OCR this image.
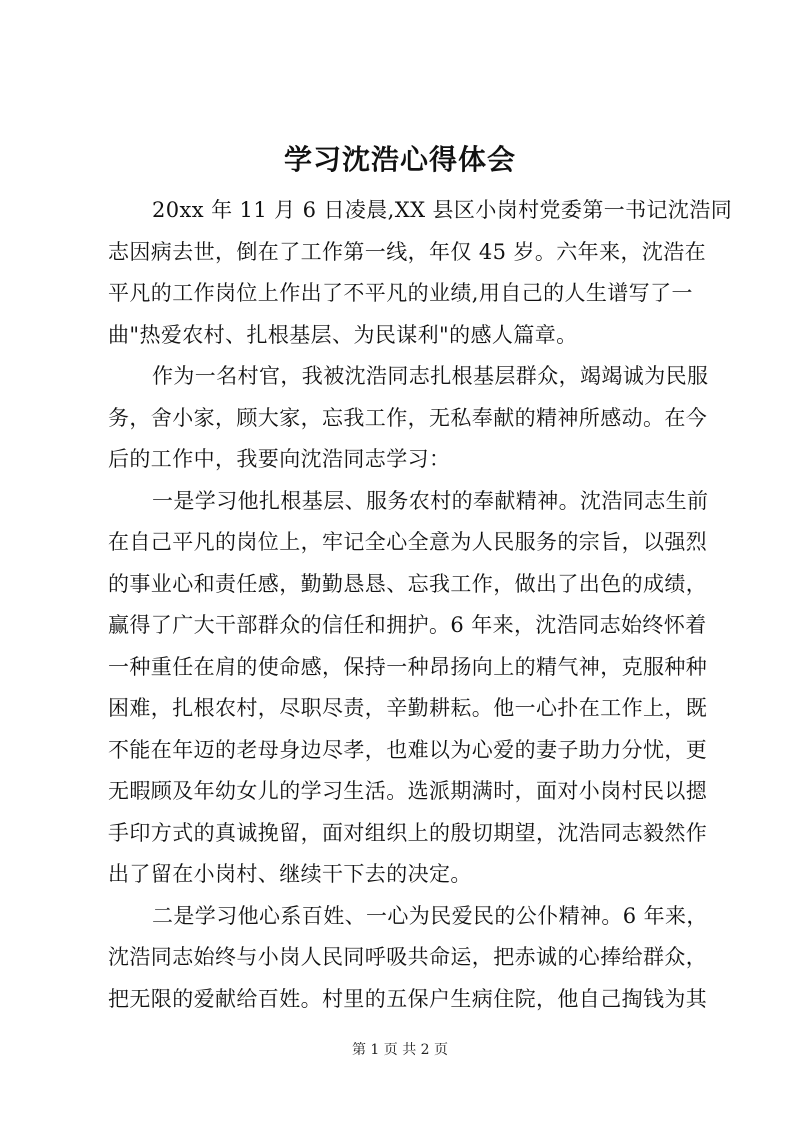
学习沈浩心得体会
20xx 年 11 月 6 日凌晨,XX 县区小岗村党委第一书记沈浩同
志因病去世，倒在了工作第一线，年仅 45 岁。六年来，沈浩在
平凡的工作岗位上作出了不平凡的业绩,用自己的人生谱写了一
曲"热爱农村、扎根基层、为民谋利"的感人篇章。
作为一名村官，我被沈浩同志扎根基层群众，竭竭诚为民服
务，舍小家，顾大家，忘我工作，无私奉献的精神所感动。在今
后的工作中，我要向沈浩同志学习：
一是学习他扎根基层、服务农村的奉献精神。沈浩同志生前
在自己平凡的岗位上，牢记全心全意为人民服务的宗旨，以强烈
的事业心和责任感，勤勤恳恳、忘我工作，做出了出色的成绩，
赢得了广大干部群众的信任和拥护。6 年来，沈浩同志始终怀着
一种重任在肩的使命感，保持一种昂扬向上的精气神，克服种种
困难，扎根农村，尽职尽责，辛勤耕耘。他一心扑在工作上，既
不能在年迈的老母身边尽孝，也难以为心爱的妻子助力分忧，更
无暇顾及年幼女儿的学习生活。选派期满时，面对小岗村民以摁
手印方式的真诚挽留，面对组织上的殷切期望，沈浩同志毅然作
出了留在小岗村、继续干下去的决定。
二是学习他心系百姓、一心为民爱民的公仆精神。6 年来，
沈浩同志始终与小岗人民同呼吸共命运，把赤诚的心捧给群众，
把无限的爱献给百姓。村里的五保户生病住院，他自己掏钱为其
第 1 页 共 2 页
